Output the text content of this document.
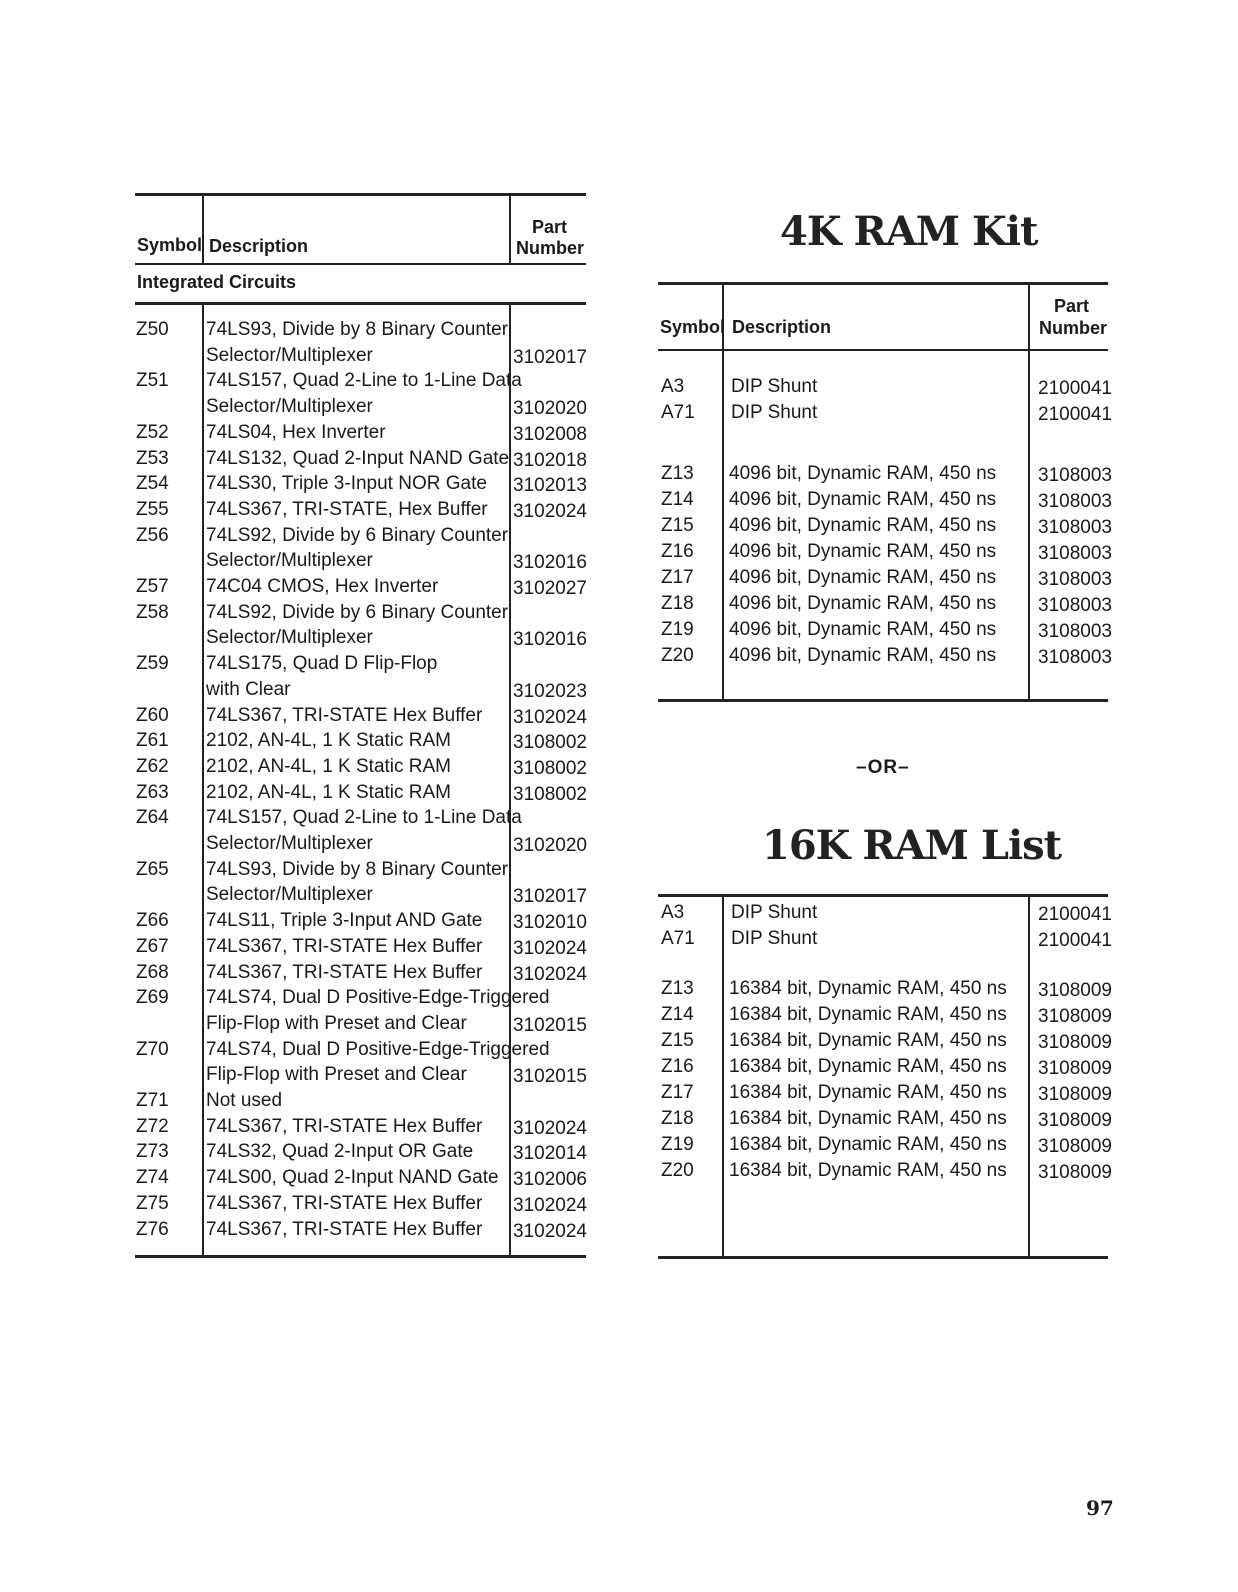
Symbol Description
Part
Number
Integrated Circuits
Z50 74LS93, Divide by 8 Binary Counter
Selector/Multiplexer	3102017
Z51 74LS157, Quad 2-Line to 1-Line Data
Selector/Multiplexer	3102020
Z52 74LS04, Hex Inverter	3102008
Z53 74LS132, Quad 2-Input NAND Gate 3102018
Z54 74LS30, Triple 3-Input NOR Gate 3102013
Z55 74LS367, TRI-STATE, Hex Buffer 3102024
Z56 74LS92, Divide by 6 Binary Counter
Selector/Multiplexer	3102016
Z57 74C04 CMOS, Hex Inverter	3102027
Z58 74LS92, Divide by 6 Binary Counter
Selector/Multiplexer	3102016
Z59 74LS175, Quad D Flip-Flop
with Clear	3102023
Z60 74LS367, TRI-STATE Hex Buffer 3102024
Z61 2102, AN-4L, 1 K Static RAM	3108002
Z62 2102, AN-4L, 1 K Static RAM	3108002
Z63 2102, AN-4L, 1 K Static RAM	3108002
Z64 74LS157, Quad 2-Line to 1-Line Data
Selector/Multiplexer	3102020
Z65 74LS93, Divide by 8 Binary Counter
Selector/Multiplexer	3102017
Z66 74LS11, Triple 3-Input AND Gate 3102010
Z67 74LS367, TRI-STATE Hex Buffer 3102024
Z68 74LS367, TRI-STATE Hex Buffer 3102024
Z69 74LS74, Dual D Positive-Edge-Triggered
Flip-Flop with Preset and Clear 3102015
Z70 74LS74, Dual D Positive-Edge-Triggered
Flip-Flop with Preset and Clear 3102015
Z71 Not used
Z72 74LS367, TRI-STATE Hex Buffer 3102024
Z73 74LS32, Quad 2-Input OR Gate 3102014
Z74 74LS00, Quad 2-Input NAND Gate 3102006
Z75 74LS367, TRI-STATE Hex Buffer 3102024
Z76 74LS367, TRI-STATE Hex Buffer 3102024
4K RAM Kit
Symbol Description
Part
Number
A3 DIP Shunt	2100041
A71 DIP Shunt	2100041
Z13 4096 bit, Dynamic RAM, 450 ns 3108003
Z14 4096 bit, Dynamic RAM, 450 ns 3108003
Z15 4096 bit, Dynamic RAM, 450 ns 3108003
Z16 4096 bit, Dynamic RAM, 450 ns 3108003
Z17 4096 bit, Dynamic RAM, 450 ns 3108003
Z18 4096 bit, Dynamic RAM, 450 ns 3108003
Z19 4096 bit, Dynamic RAM, 450 ns 3108003
Z20 4096 bit, Dynamic RAM, 450 ns 3108003
–OR–
16K RAM List
A3 DIP Shunt	2100041
A71 DIP Shunt	2100041
Z13 16384 bit, Dynamic RAM, 450 ns 3108009
Z14 16384 bit, Dynamic RAM, 450 ns 3108009
Z15 16384 bit, Dynamic RAM, 450 ns 3108009
Z16 16384 bit, Dynamic RAM, 450 ns 3108009
Z17 16384 bit, Dynamic RAM, 450 ns 3108009
Z18 16384 bit, Dynamic RAM, 450 ns 3108009
Z19 16384 bit, Dynamic RAM, 450 ns 3108009
Z20 16384 bit, Dynamic RAM, 450 ns 3108009
97
